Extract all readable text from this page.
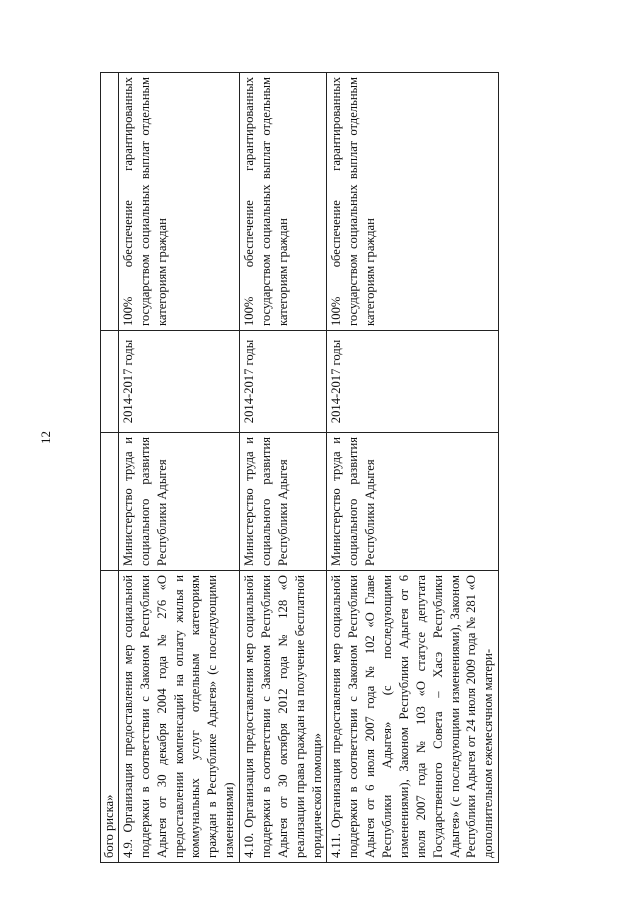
12
бого риска»			
4.9. Организация предоставления мер социальной поддержки в соответствии с Законом Республики Адыгея от 30 декабря 2004 года № 276 «О предоставлении компенсаций на оплату жилья и коммунальных услуг отдельным категориям граждан в Республике Адыгея» (с последующими изменениями)	Министерство труда и социального развития Республики Адыгея	2014-2017 годы	100% обеспечение гарантированных государством социальных выплат отдельным категориям граждан
4.10. Организация предоставления мер социальной поддержки в соответствии с Законом Республики Адыгея от 30 октября 2012 года № 128 «О реализации права граждан на получение бесплатной юридической помощи»	Министерство труда и социального развития Республики Адыгея	2014-2017 годы	100% обеспечение гарантированных государством социальных выплат отдельным категориям граждан
4.11. Организация предоставления мер социальной поддержки в соответствии с Законом Республики Адыгея от 6 июля 2007 года № 102 «О Главе Республики Адыгея» (с последующими изменениями), Законом Республики Адыгея от 6 июля 2007 года № 103 «О статусе депутата Государственного Совета – Хасэ Республики Адыгея» (с последующими изменениями), Законом Республики Адыгея от 24 июля 2009 года № 281 «О дополнительном ежемесячном матери-	Министерство труда и социального развития Республики Адыгея	2014-2017 годы	100% обеспечение гарантированных государством социальных выплат отдельным категориям граждан
